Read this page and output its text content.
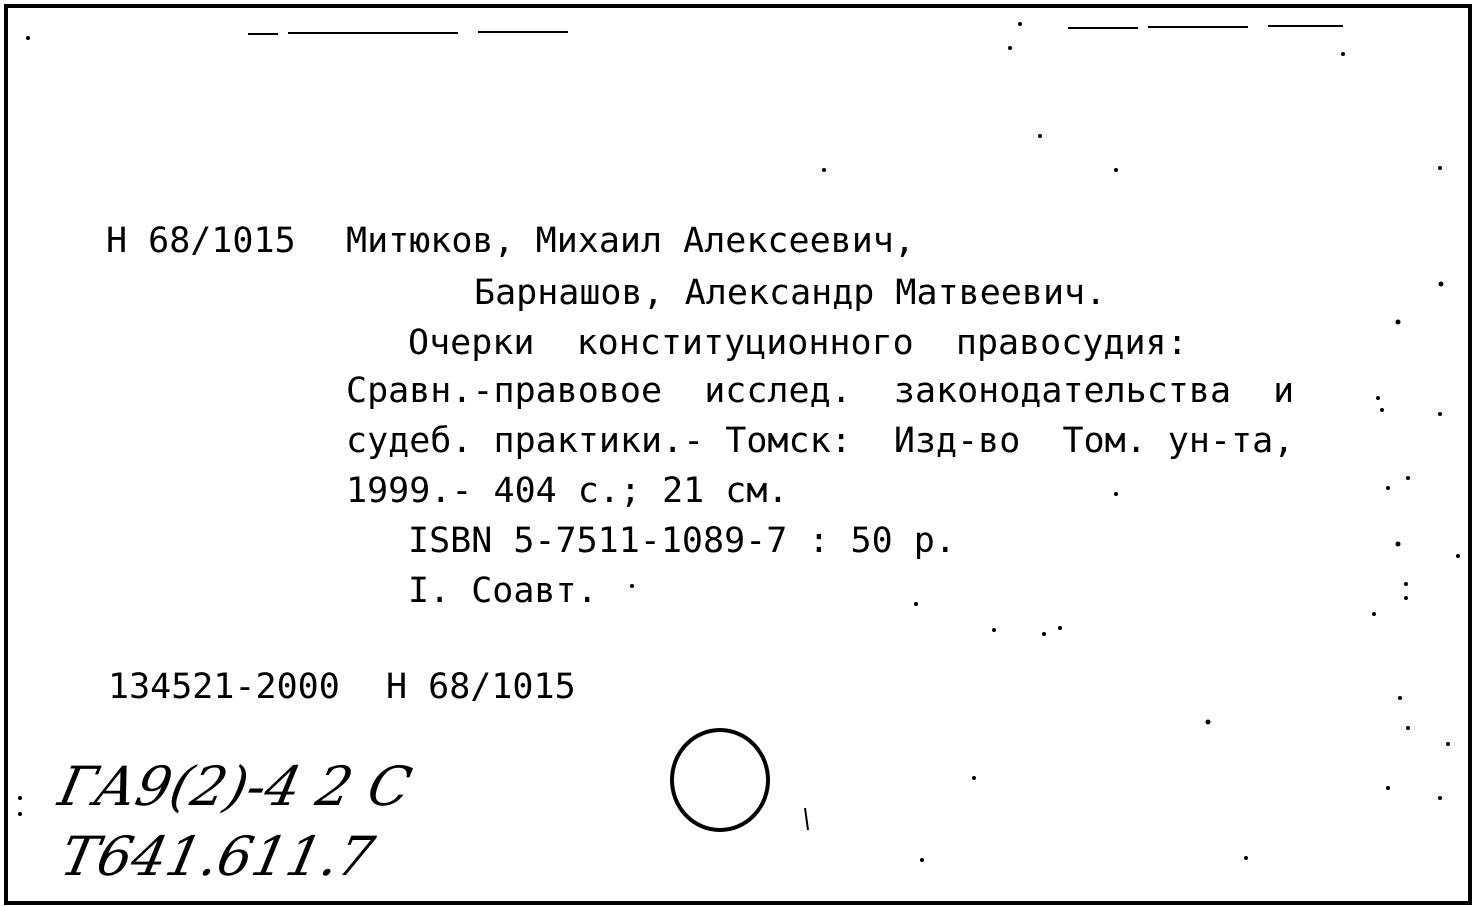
Н 68/1015 Митюков, Михаил Алексеевич,
Барнашов, Александр Матвеевич.
Очерки  конституционного  правосудия:
Сравн.-правовое  исслед.  законодательства  и
судеб. практики.- Томск:  Изд-во  Том. ун-та,
1999.- 404 с.; 21 см.
ISBN 5-7511-1089-7 : 50 р.
I. Соавт.
134521-2000 Н 68/1015
ГА9(2)-4 2 С
Т641.611.7
